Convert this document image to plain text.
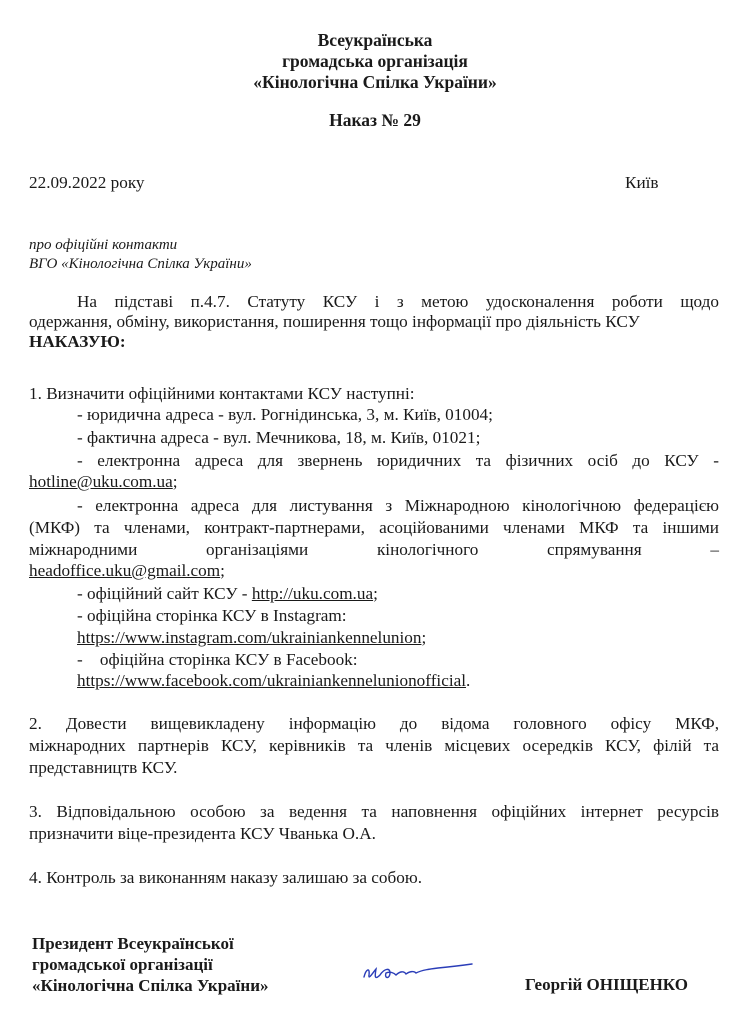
Всеукраїнська
громадська організація
«Кінологічна Спілка України»
Наказ № 29
22.09.2022 року	Київ
про офіційні контакти
ВГО «Кінологічна Спілка України»
На підставі п.4.7. Статуту КСУ і з метою удосконалення роботи щодо
одержання, обміну, використання, поширення тощо інформації про діяльність КСУ
НАКАЗУЮ:
1. Визначити офіційними контактами КСУ наступні:
- юридична адреса - вул. Рогнідинська, 3, м. Київ, 01004;
- фактична адреса - вул. Мечникова, 18, м. Київ, 01021;
- електронна адреса для звернень юридичних та фізичних осіб до КСУ -
hotline@uku.com.ua;
- електронна адреса для листування з Міжнародною кінологічною федерацією
(МКФ) та членами, контракт-партнерами, асоційованими членами МКФ та іншими
міжнародними організаціями кінологічного спрямування –
headoffice.uku@gmail.com;
- офіційний сайт КСУ - http://uku.com.ua;
- офіційна сторінка КСУ в Instagram:
https://www.instagram.com/ukrainiankennelunion;
-    офіційна сторінка КСУ в Facebook:
https://www.facebook.com/ukrainiankennelunionofficial.
2. Довести вищевикладену інформацію до відома головного офісу МКФ,
міжнародних партнерів КСУ, керівників та членів місцевих осередків КСУ, філій та
представництв КСУ.
3. Відповідальною особою за ведення та наповнення офіційних інтернет ресурсів
призначити віце-президента КСУ Чванька О.А.
4. Контроль за виконанням наказу залишаю за собою.
Президент Всеукраїнської
громадської організації
«Кінологічна Спілка України»	Георгій ОНІЩЕНКО
